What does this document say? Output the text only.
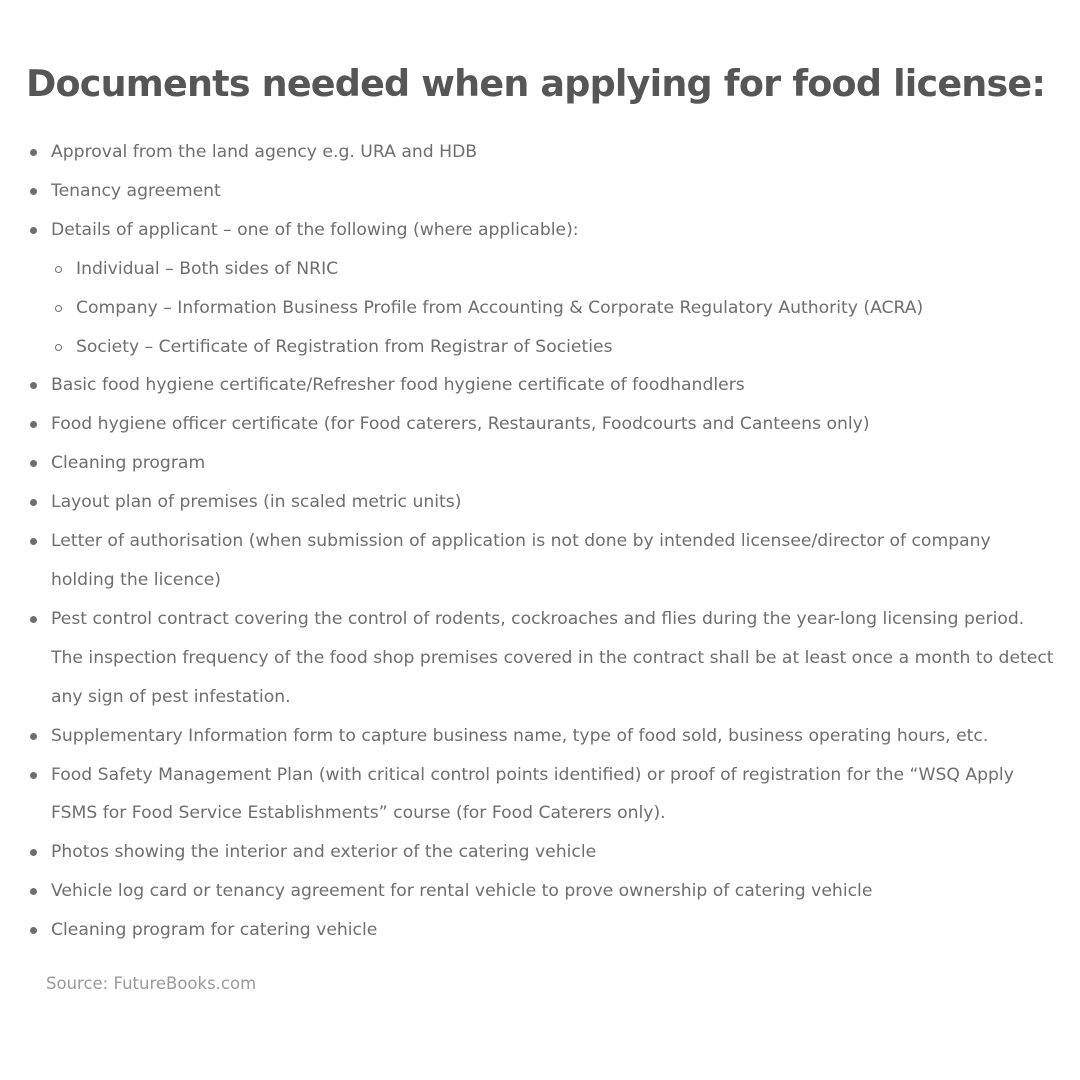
Documents needed when applying for food license:
Approval from the land agency e.g. URA and HDB
Tenancy agreement
Details of applicant – one of the following (where applicable):
Individual – Both sides of NRIC
Company – Information Business Profile from Accounting & Corporate Regulatory Authority (ACRA)
Society – Certificate of Registration from Registrar of Societies
Basic food hygiene certificate/Refresher food hygiene certificate of foodhandlers
Food hygiene officer certificate (for Food caterers, Restaurants, Foodcourts and Canteens only)
Cleaning program
Layout plan of premises (in scaled metric units)
Letter of authorisation (when submission of application is not done by intended licensee/director of company holding the licence)
Pest control contract covering the control of rodents, cockroaches and flies during the year-long licensing period. The inspection frequency of the food shop premises covered in the contract shall be at least once a month to detect any sign of pest infestation.
Supplementary Information form to capture business name, type of food sold, business operating hours, etc.
Food Safety Management Plan (with critical control points identified) or proof of registration for the “WSQ Apply FSMS for Food Service Establishments” course (for Food Caterers only).
Photos showing the interior and exterior of the catering vehicle
Vehicle log card or tenancy agreement for rental vehicle to prove ownership of catering vehicle
Cleaning program for catering vehicle

Source: FutureBooks.com
